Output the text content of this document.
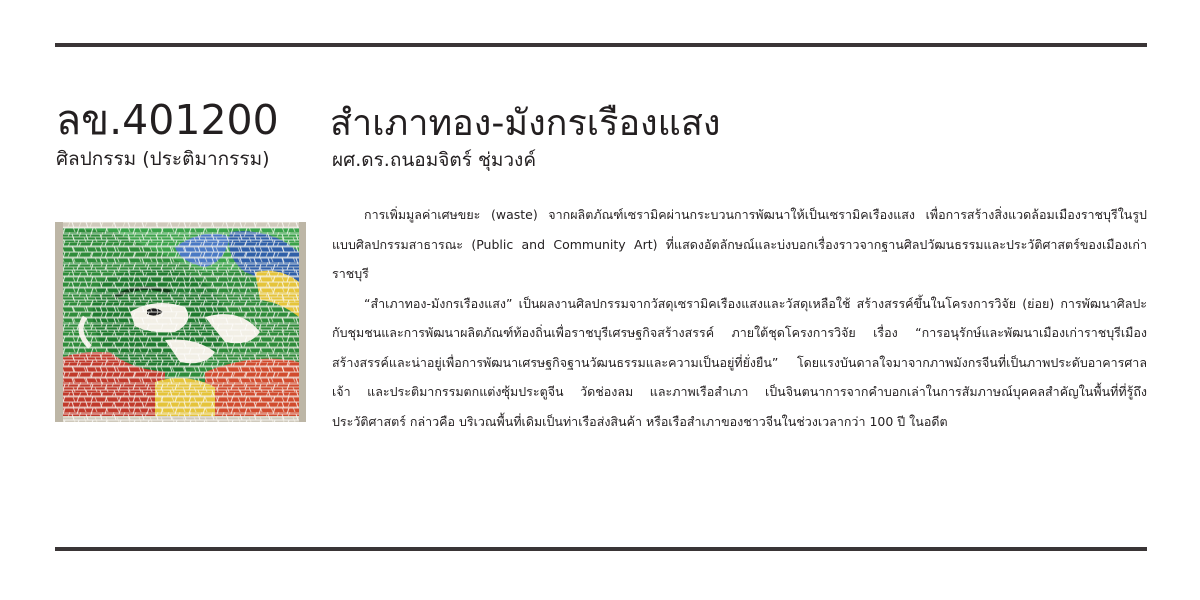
ลข.401200
ศิลปกรรม (ประติมากรรม)
สำเภาทอง-มังกรเรืองแสง
ผศ.ดร.ถนอมจิตร์ ชุ่มวงค์

การเพิ่มมูลค่าเศษขยะ (waste) จากผลิตภัณฑ์เซรามิคผ่านกระบวนการพัฒนาให้เป็นเซรามิคเรืองแสง เพื่อการสร้างสิ่งแวดล้อมเมืองราชบุรีในรูปแบบศิลปกรรมสาธารณะ (Public and Community Art) ที่แสดงอัตลักษณ์และบ่งบอกเรื่องราวจากฐานศิลปวัฒนธรรมและประวัติศาสตร์ของเมืองเก่าราชบุรี

“สำเภาทอง-มังกรเรืองแสง” เป็นผลงานศิลปกรรมจากวัสดุเซรามิคเรืองแสงและวัสดุเหลือใช้ สร้างสรรค์ขึ้นในโครงการวิจัย (ย่อย) การพัฒนาศิลปะกับชุมชนและการพัฒนาผลิตภัณฑ์ท้องถิ่นเพื่อราชบุรีเศรษฐกิจสร้างสรรค์ ภายใต้ชุดโครงการวิจัย เรื่อง “การอนุรักษ์และพัฒนาเมืองเก่าราชบุรีเมืองสร้างสรรค์และน่าอยู่เพื่อการพัฒนาเศรษฐกิจฐานวัฒนธรรมและความเป็นอยู่ที่ยั่งยืน” โดยแรงบันดาลใจมาจากภาพมังกรจีนที่เป็นภาพประดับอาคารศาลเจ้า และประติมากรรมตกแต่งซุ้มประตูจีน วัดช่องลม และภาพเรือสำเภา เป็นจินตนาการจากคำบอกเล่าในการสัมภาษณ์บุคคลสำคัญในพื้นที่ที่รู้ถึงประวัติศาสตร์ กล่าวคือ บริเวณพื้นที่เดิมเป็นท่าเรือส่งสินค้า หรือเรือสำเภาของชาวจีนในช่วงเวลากว่า 100 ปี ในอดีต
